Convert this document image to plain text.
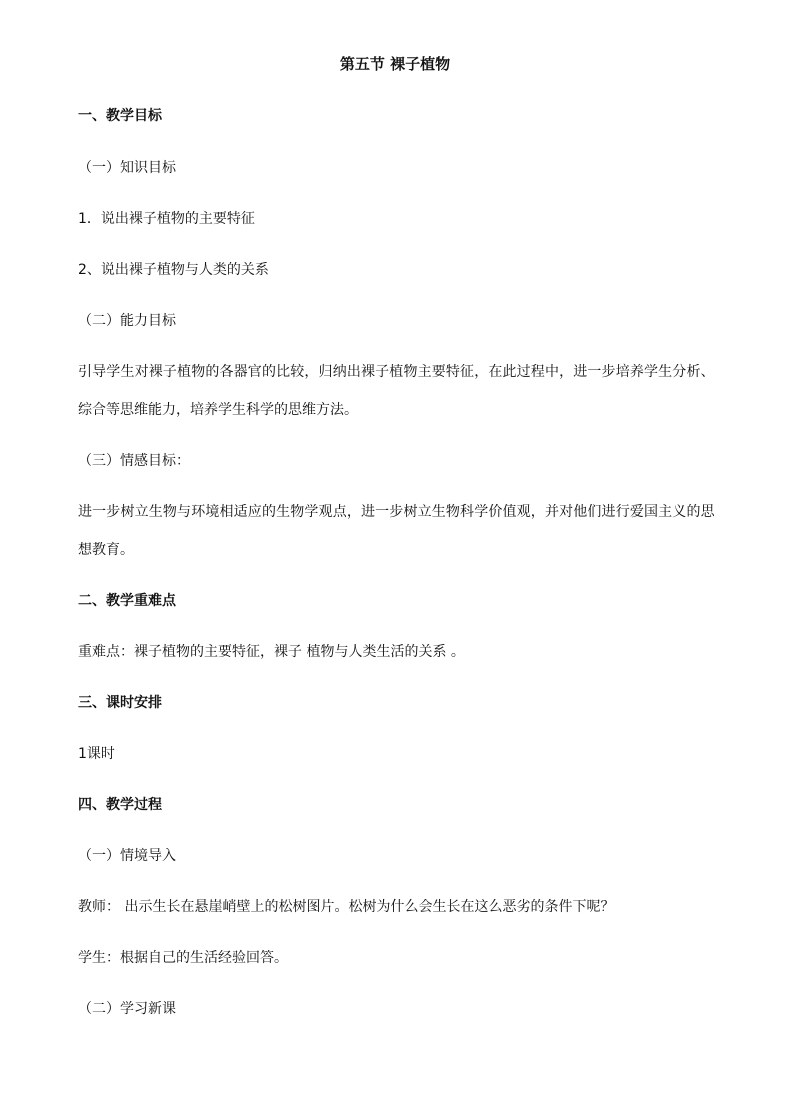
第五节 裸子植物
一、教学目标
（一）知识目标
1．说出裸子植物的主要特征
2、说出裸子植物与人类的关系
（二）能力目标
引导学生对裸子植物的各器官的比较，归纳出裸子植物主要特征，在此过程中，进一步培养学生分析、
综合等思维能力，培养学生科学的思维方法。
（三）情感目标：
进一步树立生物与环境相适应的生物学观点，进一步树立生物科学价值观，并对他们进行爱国主义的思
想教育。
二、教学重难点
重难点：裸子植物的主要特征，裸子 植物与人类生活的关系 。
三、课时安排
1课时
四、教学过程
（一）情境导入
教师： 出示生长在悬崖峭壁上的松树图片。松树为什么会生长在这么恶劣的条件下呢？
学生：根据自己的生活经验回答。
（二）学习新课
